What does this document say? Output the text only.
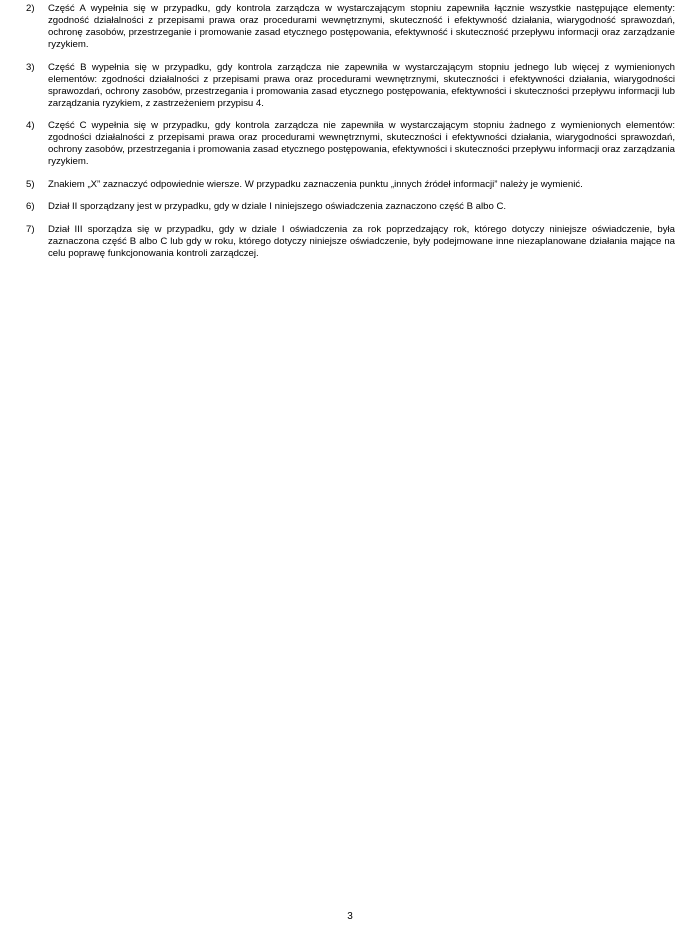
2)	Część A wypełnia się w przypadku, gdy kontrola zarządcza w wystarczającym stopniu zapewniła łącznie wszystkie następujące elementy: zgodność działalności z przepisami prawa oraz procedurami wewnętrznymi, skuteczność i efektywność działania, wiarygodność sprawozdań, ochronę zasobów, przestrzeganie i promowanie zasad etycznego postępowania, efektywność i skuteczność przepływu informacji oraz zarządzanie ryzykiem.
3)	Część B wypełnia się w przypadku, gdy kontrola zarządcza nie zapewniła w wystarczającym stopniu jednego lub więcej z wymienionych elementów: zgodności działalności z przepisami prawa oraz procedurami wewnętrznymi, skuteczności i efektywności działania, wiarygodności sprawozdań, ochrony zasobów, przestrzegania i promowania zasad etycznego postępowania, efektywności i skuteczności przepływu informacji lub zarządzania ryzykiem, z zastrzeżeniem przypisu 4.
4)	Część C wypełnia się w przypadku, gdy kontrola zarządcza nie zapewniła w wystarczającym stopniu żadnego z wymienionych elementów: zgodności działalności z przepisami prawa oraz procedurami wewnętrznymi, skuteczności i efektywności działania, wiarygodności sprawozdań, ochrony zasobów, przestrzegania i promowania zasad etycznego postępowania, efektywności i skuteczności przepływu informacji oraz zarządzania ryzykiem.
5)	Znakiem „X” zaznaczyć odpowiednie wiersze. W przypadku zaznaczenia punktu „innych źródeł informacji” należy je wymienić.
6)	Dział II sporządzany jest w przypadku, gdy w dziale I niniejszego oświadczenia zaznaczono część B albo C.
7)	Dział III sporządza się w przypadku, gdy w dziale I oświadczenia za rok poprzedzający rok, którego dotyczy niniejsze oświadczenie, była zaznaczona część B albo C lub gdy w roku, którego dotyczy niniejsze oświadczenie, były podejmowane inne niezaplanowane działania mające na celu poprawę funkcjonowania kontroli zarządczej.
3
